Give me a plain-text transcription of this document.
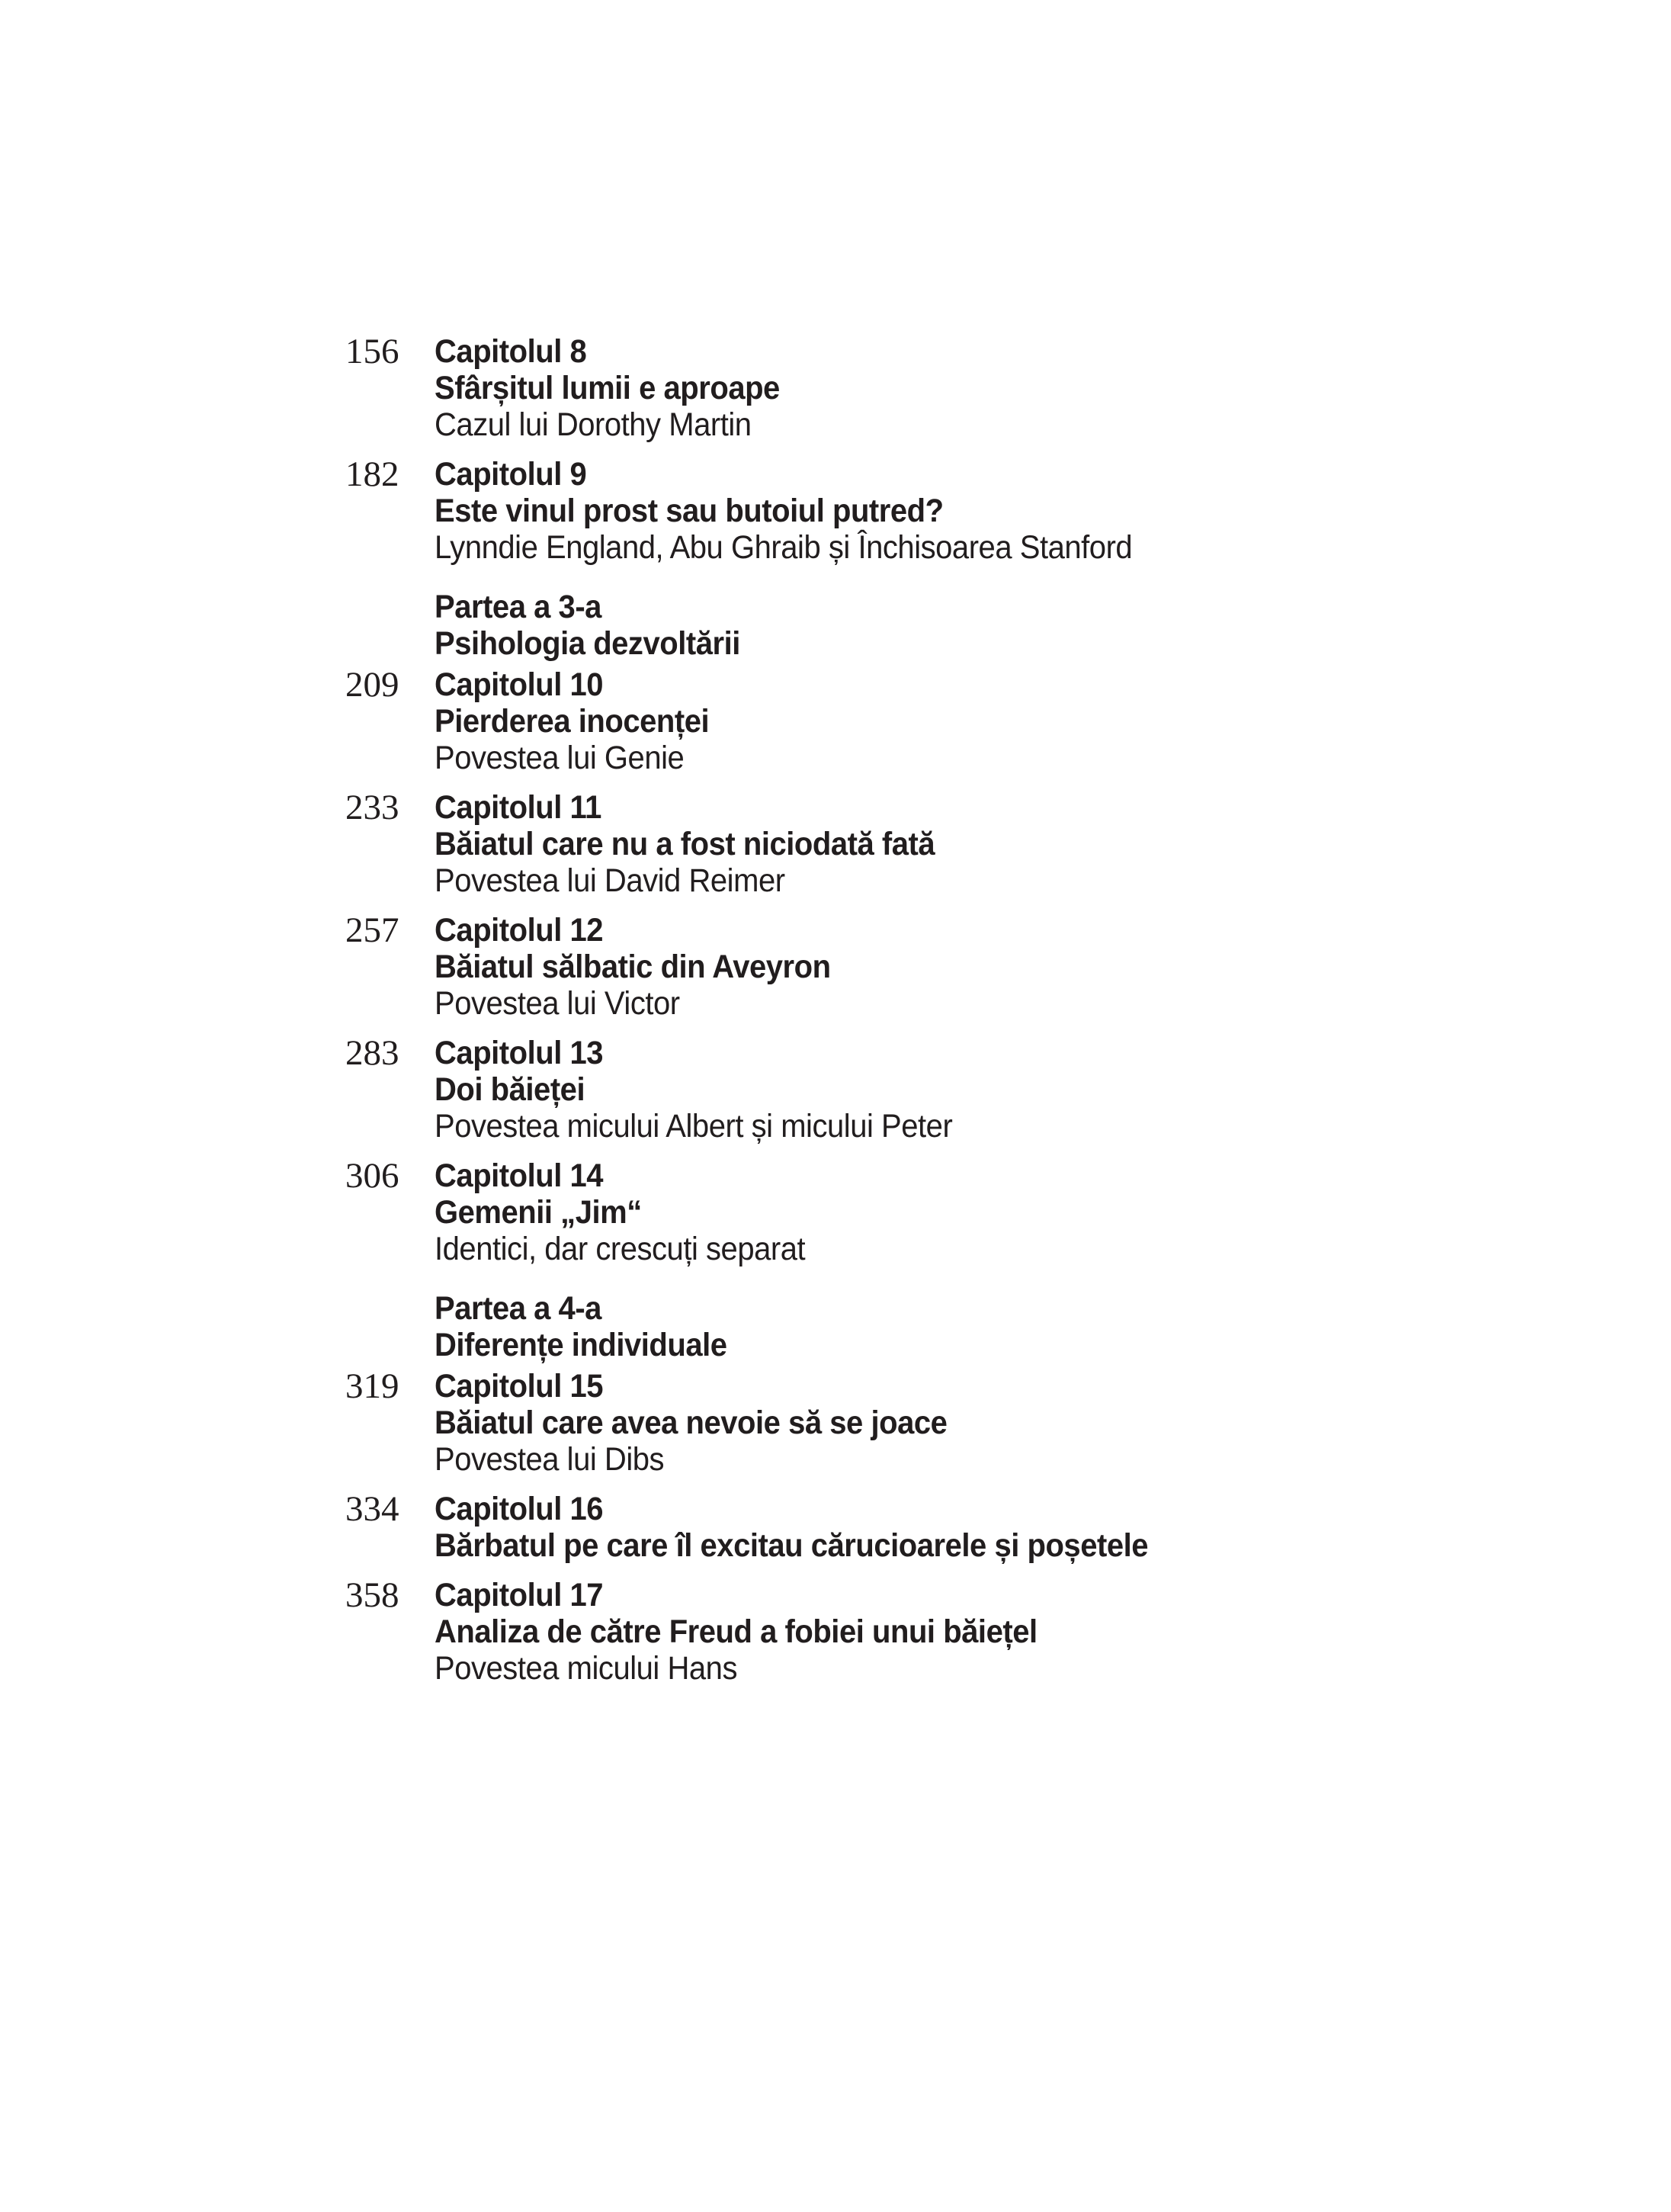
156	Capitolul 8
Sfârșitul lumii e aproape
Cazul lui Dorothy Martin
182	Capitolul 9
Este vinul prost sau butoiul putred?
Lynndie England, Abu Ghraib și Închisoarea Stanford
Partea a 3-a
Psihologia dezvoltării
209	Capitolul 10
Pierderea inocenței
Povestea lui Genie
233	Capitolul 11
Băiatul care nu a fost niciodată fată
Povestea lui David Reimer
257	Capitolul 12
Băiatul sălbatic din Aveyron
Povestea lui Victor
283	Capitolul 13
Doi băieței
Povestea micului Albert și micului Peter
306	Capitolul 14
Gemenii „Jim“
Identici, dar crescuți separat
Partea a 4-a
Diferențe individuale
319	Capitolul 15
Băiatul care avea nevoie să se joace
Povestea lui Dibs
334	Capitolul 16
Bărbatul pe care îl excitau cărucioarele și poșetele
358	Capitolul 17
Analiza de către Freud a fobiei unui băiețel
Povestea micului Hans
